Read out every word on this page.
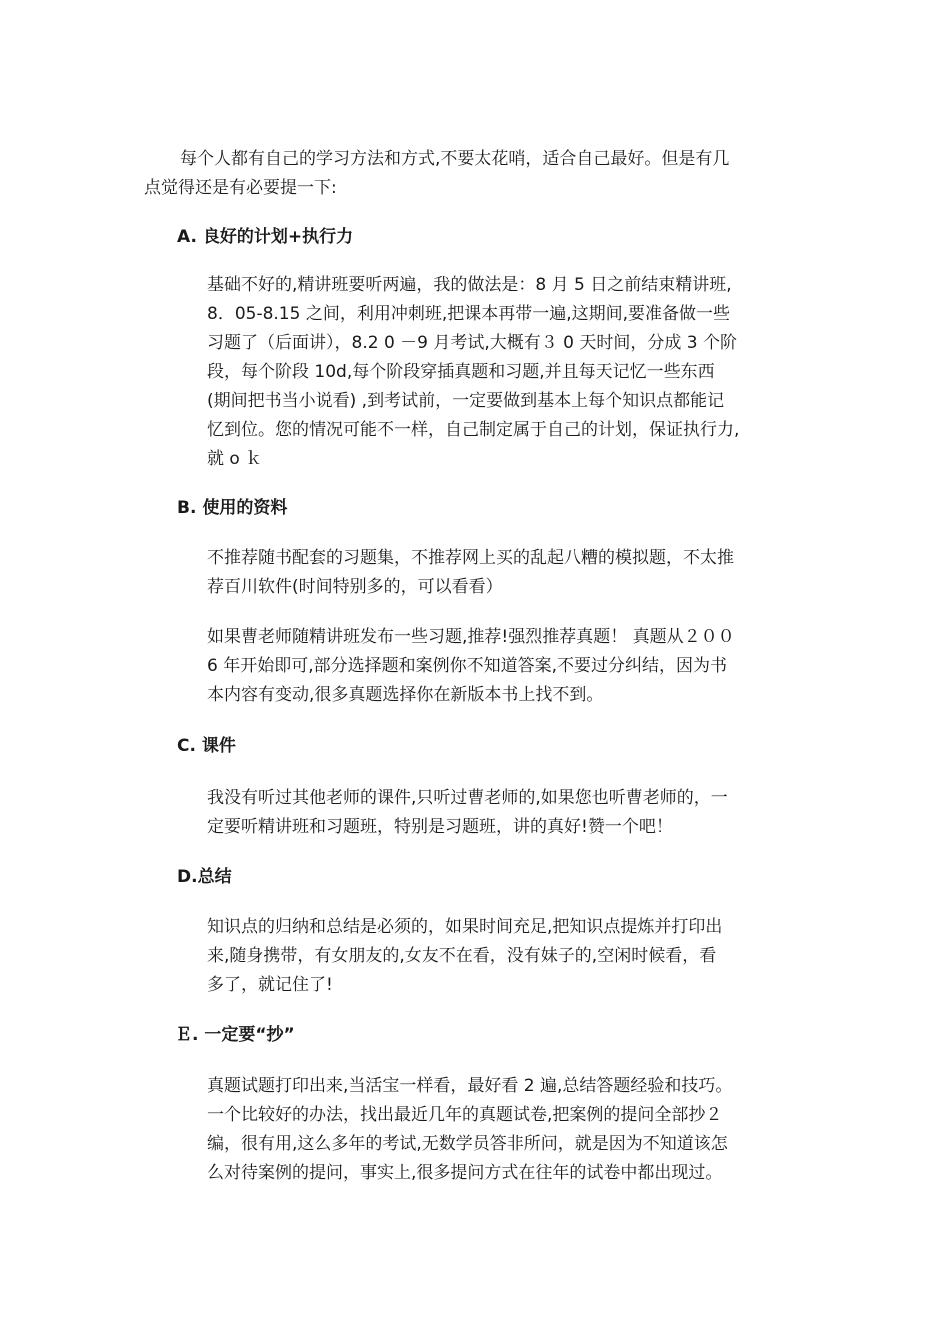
每个人都有自己的学习方法和方式,不要太花哨，适合自己最好。但是有几
点觉得还是有必要提一下:

A. 良好的计划+执行力

基础不好的,精讲班要听两遍，我的做法是：8 月 5 日之前结束精讲班,
8．05-8.15 之间，利用冲刺班,把课本再带一遍,这期间,要准备做一些
习题了（后面讲），8.2 0 －9 月考试,大概有３ 0 天时间，分成 3 个阶
段，每个阶段 10d,每个阶段穿插真题和习题,并且每天记忆一些东西
(期间把书当小说看) ,到考试前，一定要做到基本上每个知识点都能记
忆到位。您的情况可能不一样，自己制定属于自己的计划，保证执行力,
就 o ｋ

B. 使用的资料

不推荐随书配套的习题集，不推荐网上买的乱起八糟的模拟题，不太推
荐百川软件(时间特别多的，可以看看）

如果曹老师随精讲班发布一些习题,推荐!强烈推荐真题！ 真题从２００
6 年开始即可,部分选择题和案例你不知道答案,不要过分纠结，因为书
本内容有变动,很多真题选择你在新版本书上找不到。

C. 课件

我没有听过其他老师的课件,只听过曹老师的,如果您也听曹老师的，一
定要听精讲班和习题班，特别是习题班，讲的真好!赞一个吧！

D.总结

知识点的归纳和总结是必须的，如果时间充足,把知识点提炼并打印出
来,随身携带，有女朋友的,女友不在看，没有妹子的,空闲时候看，看
多了，就记住了!

Ｅ. 一定要“抄”

真题试题打印出来,当活宝一样看，最好看 2 遍,总结答题经验和技巧。
一个比较好的办法，找出最近几年的真题试卷,把案例的提问全部抄２
编，很有用,这么多年的考试,无数学员答非所问，就是因为不知道该怎
么对待案例的提问，事实上,很多提问方式在往年的试卷中都出现过。
